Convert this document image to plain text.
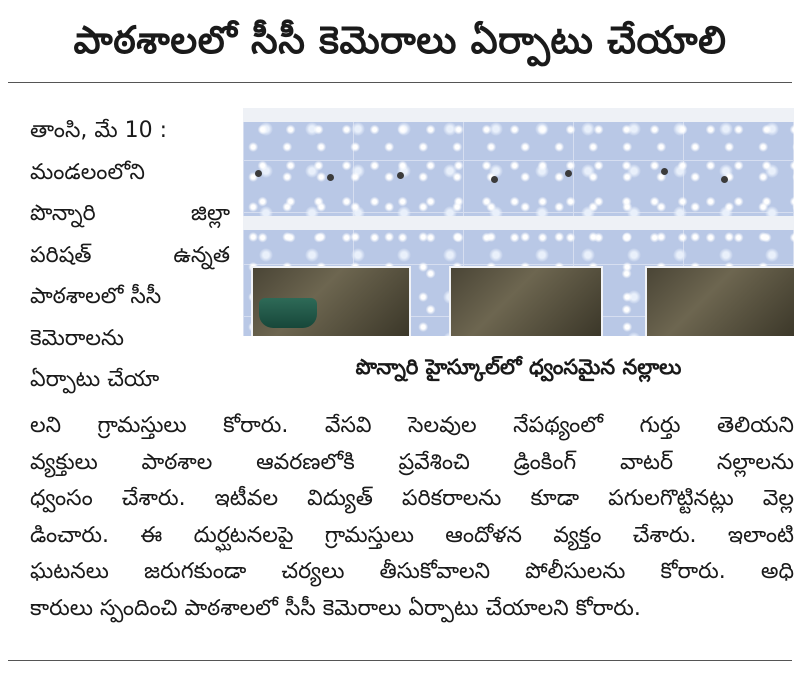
పాఠశాలలో సీసీ కెమెరాలు ఏర్పాటు చేయాలి
తాంసి, మే 10 :
మండలంలోని
పొన్నారి జిల్లా
పరిషత్ ఉన్నత
పాఠశాలలో సీసీ
కెమెరాలను
ఏర్పాటు చేయా	పొన్నారి హైస్కూల్‌లో ధ్వంసమైన నల్లాలు
లని గ్రామస్తులు కోరారు. వేసవి సెలవుల నేపథ్యంలో గుర్తు తెలియని
వ్యక్తులు పాఠశాల ఆవరణలోకి ప్రవేశించి డ్రింకింగ్ వాటర్ నల్లాలను
ధ్వంసం చేశారు. ఇటీవల విద్యుత్ పరికరాలను కూడా పగులగొట్టినట్లు వెల్ల
డించారు. ఈ దుర్ఘటనలపై గ్రామస్తులు ఆందోళన వ్యక్తం చేశారు. ఇలాంటి
ఘటనలు జరుగకుండా చర్యలు తీసుకోవాలని పోలీసులను కోరారు. అధి
కారులు స్పందించి పాఠశాలలో సీసీ కెమెరాలు ఏర్పాటు చేయాలని కోరారు.
